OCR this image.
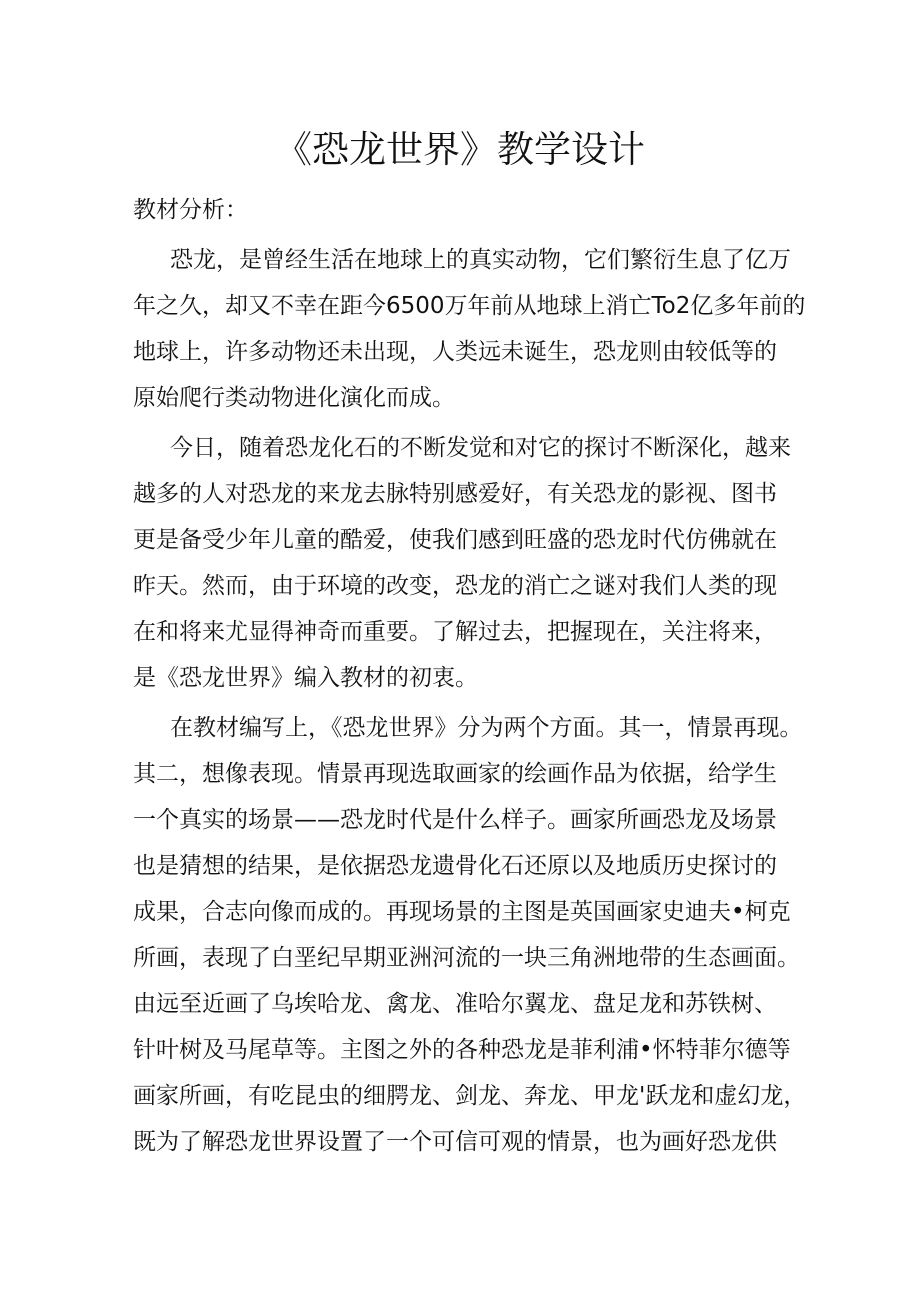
《恐龙世界》教学设计
教材分析：
恐龙，是曾经生活在地球上的真实动物，它们繁衍生息了亿万
年之久，却又不幸在距今6500万年前从地球上消亡To2亿多年前的
地球上，许多动物还未出现，人类远未诞生，恐龙则由较低等的
原始爬行类动物进化演化而成。
今日，随着恐龙化石的不断发觉和对它的探讨不断深化，越来
越多的人对恐龙的来龙去脉特别感爱好，有关恐龙的影视、图书
更是备受少年儿童的酷爱，使我们感到旺盛的恐龙时代仿佛就在
昨天。然而，由于环境的改变，恐龙的消亡之谜对我们人类的现
在和将来尤显得神奇而重要。了解过去，把握现在，关注将来，
是《恐龙世界》编入教材的初衷。
在教材编写上，《恐龙世界》分为两个方面。其一，情景再现。
其二，想像表现。情景再现选取画家的绘画作品为依据，给学生
一个真实的场景——恐龙时代是什么样子。画家所画恐龙及场景
也是猜想的结果，是依据恐龙遗骨化石还原以及地质历史探讨的
成果，合志向像而成的。再现场景的主图是英国画家史迪夫•柯克
所画，表现了白垩纪早期亚洲河流的一块三角洲地带的生态画面。
由远至近画了乌埃哈龙、禽龙、准哈尔翼龙、盘足龙和苏铁树、
针叶树及马尾草等。主图之外的各种恐龙是菲利浦•怀特菲尔德等
画家所画，有吃昆虫的细腭龙、剑龙、奔龙、甲龙'跃龙和虚幻龙，
既为了解恐龙世界设置了一个可信可观的情景，也为画好恐龙供
